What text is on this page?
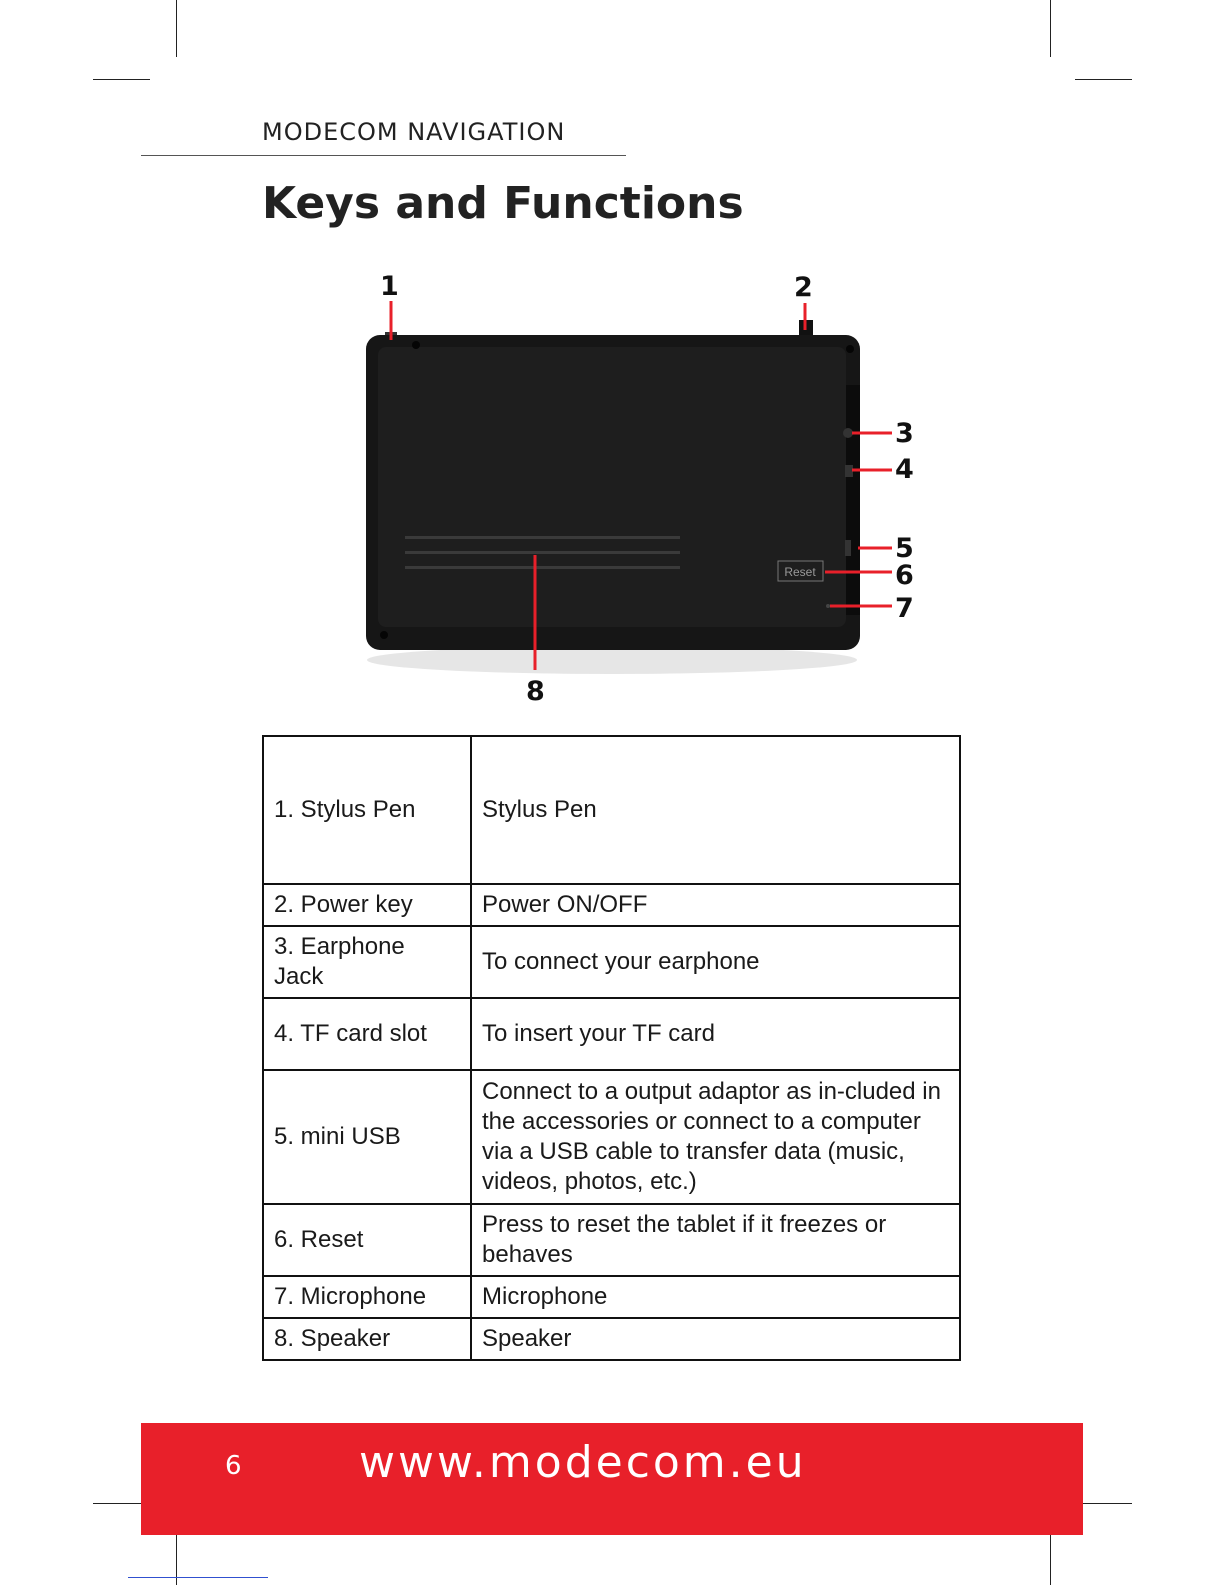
MODECOM NAVIGATION
Keys and Functions
Reset
1	2
3
4
5
6
7
8
1. Stylus Pen	Stylus Pen
2. Power key	Power ON/OFF
3. Earphone Jack	To connect your earphone
4. TF card slot	To insert your TF card
5. mini USB	Connect to a output adaptor as in-cluded in the accessories or connect to a computer via a USB cable to transfer data (music, videos, photos, etc.)
6. Reset	Press to reset the tablet if it freezes or behaves
7. Microphone	Microphone
8. Speaker	Speaker
6	www.modecom.eu
